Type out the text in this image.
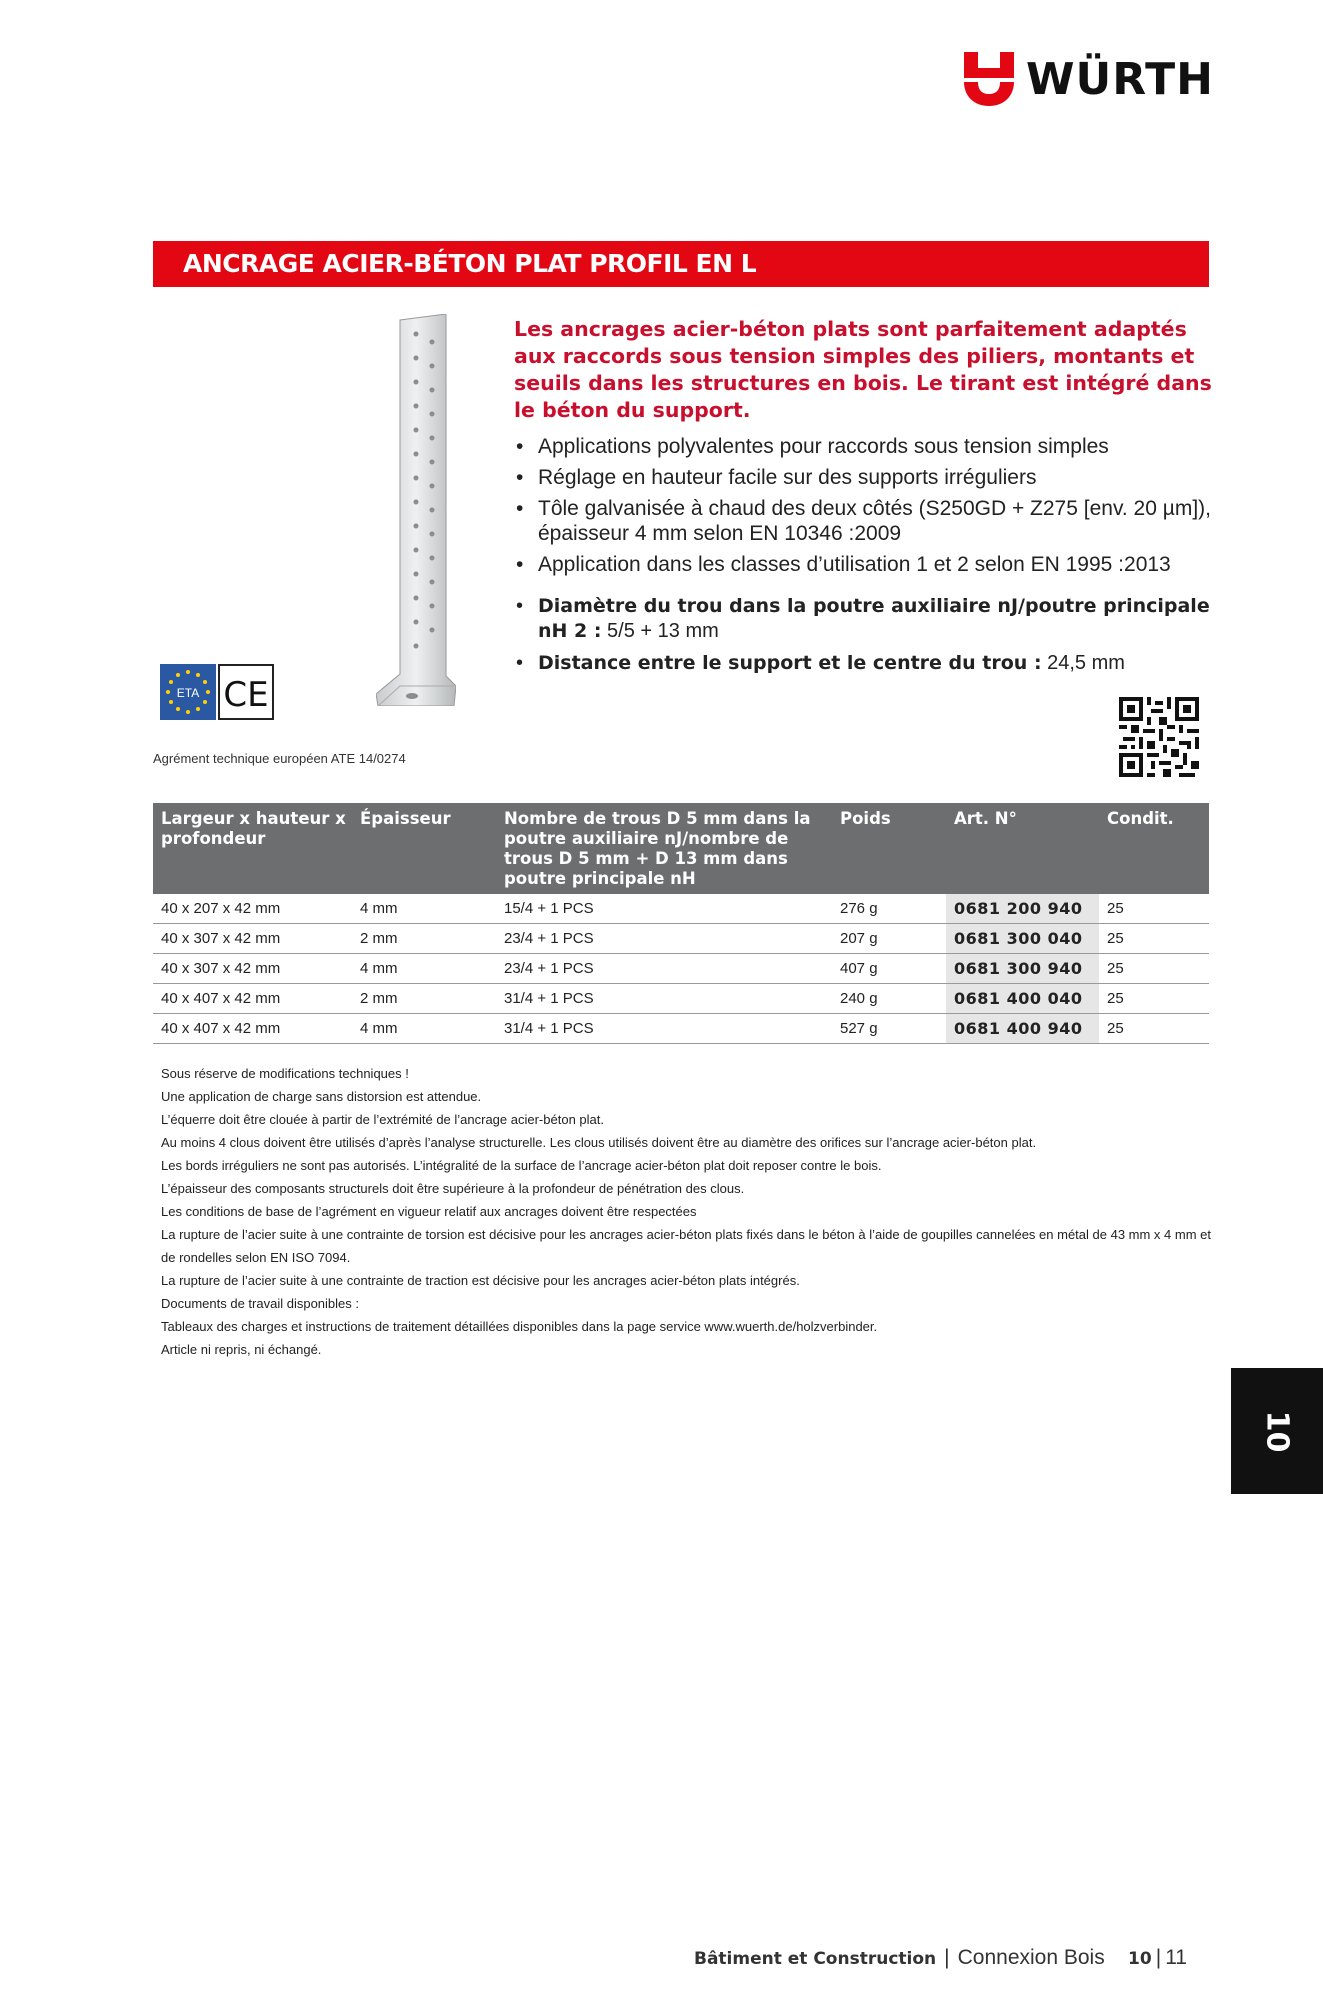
WÜRTH
ANCRAGE ACIER-BÉTON PLAT PROFIL EN L
ETA CE
Agrément technique européen ATE 14/0274
Les ancrages acier-béton plats sont parfaitement adaptés aux raccords sous tension simples des piliers, montants et seuils dans les structures en bois. Le tirant est intégré dans le béton du support.
• Applications polyvalentes pour raccords sous tension simples
• Réglage en hauteur facile sur des supports irréguliers
• Tôle galvanisée à chaud des deux côtés (S250GD + Z275 [env. 20 µm]), épaisseur 4 mm selon EN 10346 :2009
• Application dans les classes d’utilisation 1 et 2 selon EN 1995 :2013
• Diamètre du trou dans la poutre auxiliaire nJ/poutre principale nH 2 : 5/5 + 13 mm
• Distance entre le support et le centre du trou : 24,5 mm
Largeur x hauteur x profondeur	Épaisseur	Nombre de trous D 5 mm dans la poutre auxiliaire nJ/nombre de trous D 5 mm + D 13 mm dans poutre principale nH	Poids	Art. N°	Condit.
40 x 207 x 42 mm	4 mm	15/4 + 1 PCS	276 g	0681 200 940	25
40 x 307 x 42 mm	2 mm	23/4 + 1 PCS	207 g	0681 300 040	25
40 x 307 x 42 mm	4 mm	23/4 + 1 PCS	407 g	0681 300 940	25
40 x 407 x 42 mm	2 mm	31/4 + 1 PCS	240 g	0681 400 040	25
40 x 407 x 42 mm	4 mm	31/4 + 1 PCS	527 g	0681 400 940	25
Sous réserve de modifications techniques !
Une application de charge sans distorsion est attendue.
L’équerre doit être clouée à partir de l’extrémité de l’ancrage acier-béton plat.
Au moins 4 clous doivent être utilisés d’après l’analyse structurelle. Les clous utilisés doivent être au diamètre des orifices sur l’ancrage acier-béton plat.
Les bords irréguliers ne sont pas autorisés. L’intégralité de la surface de l’ancrage acier-béton plat doit reposer contre le bois.
L’épaisseur des composants structurels doit être supérieure à la profondeur de pénétration des clous.
Les conditions de base de l’agrément en vigueur relatif aux ancrages doivent être respectées
La rupture de l’acier suite à une contrainte de torsion est décisive pour les ancrages acier-béton plats fixés dans le béton à l’aide de goupilles cannelées en métal de 43 mm x 4 mm et de rondelles selon EN ISO 7094.
La rupture de l’acier suite à une contrainte de traction est décisive pour les ancrages acier-béton plats intégrés.
Documents de travail disponibles :
Tableaux des charges et instructions de traitement détaillées disponibles dans la page service www.wuerth.de/holzverbinder.
Article ni repris, ni échangé.
10
Bâtiment et Construction | Connexion Bois 10 | 11
